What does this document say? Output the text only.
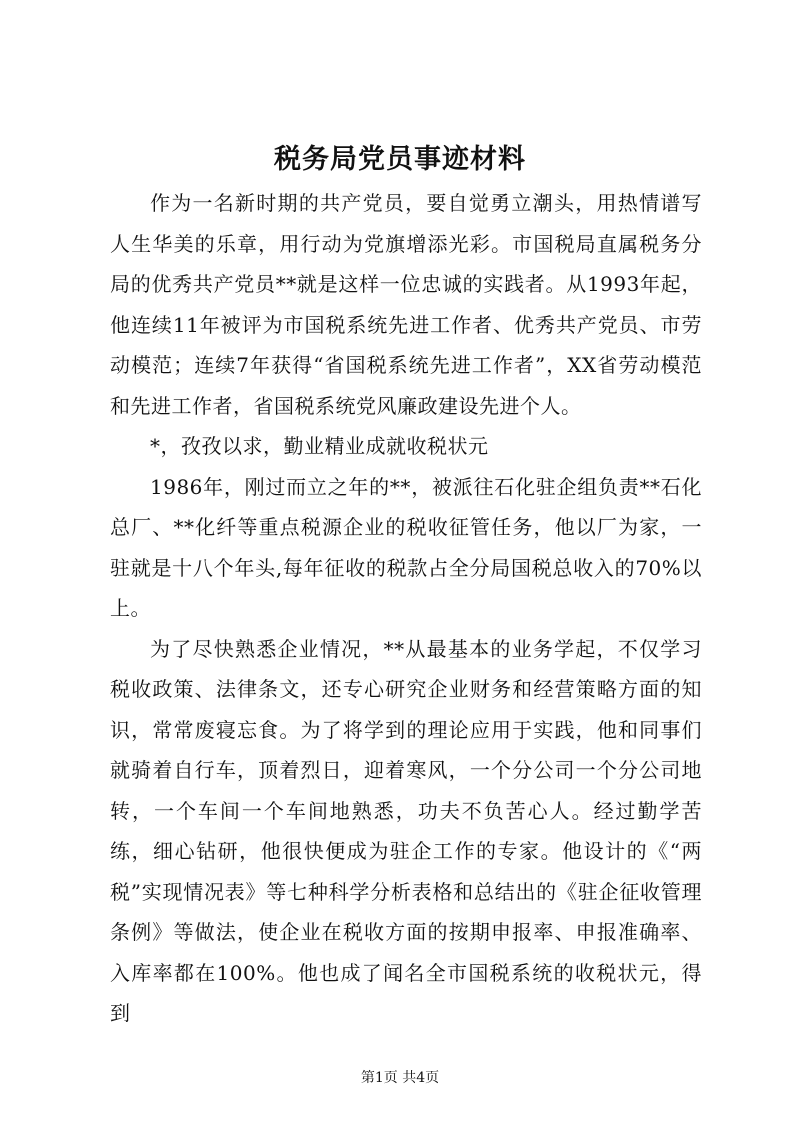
税务局党员事迹材料

作为一名新时期的共产党员，要自觉勇立潮头，用热情谱写人生华美的乐章，用行动为党旗增添光彩。市国税局直属税务分局的优秀共产党员**就是这样一位忠诚的实践者。从1993年起，他连续11年被评为市国税系统先进工作者、优秀共产党员、市劳动模范；连续7年获得“省国税系统先进工作者”，XX省劳动模范和先进工作者，省国税系统党风廉政建设先进个人。

*，孜孜以求，勤业精业成就收税状元

1986年，刚过而立之年的**，被派往石化驻企组负责**石化总厂、**化纤等重点税源企业的税收征管任务，他以厂为家，一驻就是十八个年头,每年征收的税款占全分局国税总收入的70%以上。

为了尽快熟悉企业情况，**从最基本的业务学起，不仅学习税收政策、法律条文，还专心研究企业财务和经营策略方面的知识，常常废寝忘食。为了将学到的理论应用于实践，他和同事们就骑着自行车，顶着烈日，迎着寒风，一个分公司一个分公司地转，一个车间一个车间地熟悉，功夫不负苦心人。经过勤学苦练，细心钻研，他很快便成为驻企工作的专家。他设计的《“两税”实现情况表》等七种科学分析表格和总结出的《驻企征收管理条例》等做法，使企业在税收方面的按期申报率、申报准确率、入库率都在100%。他也成了闻名全市国税系统的收税状元，得到

第1页 共4页
